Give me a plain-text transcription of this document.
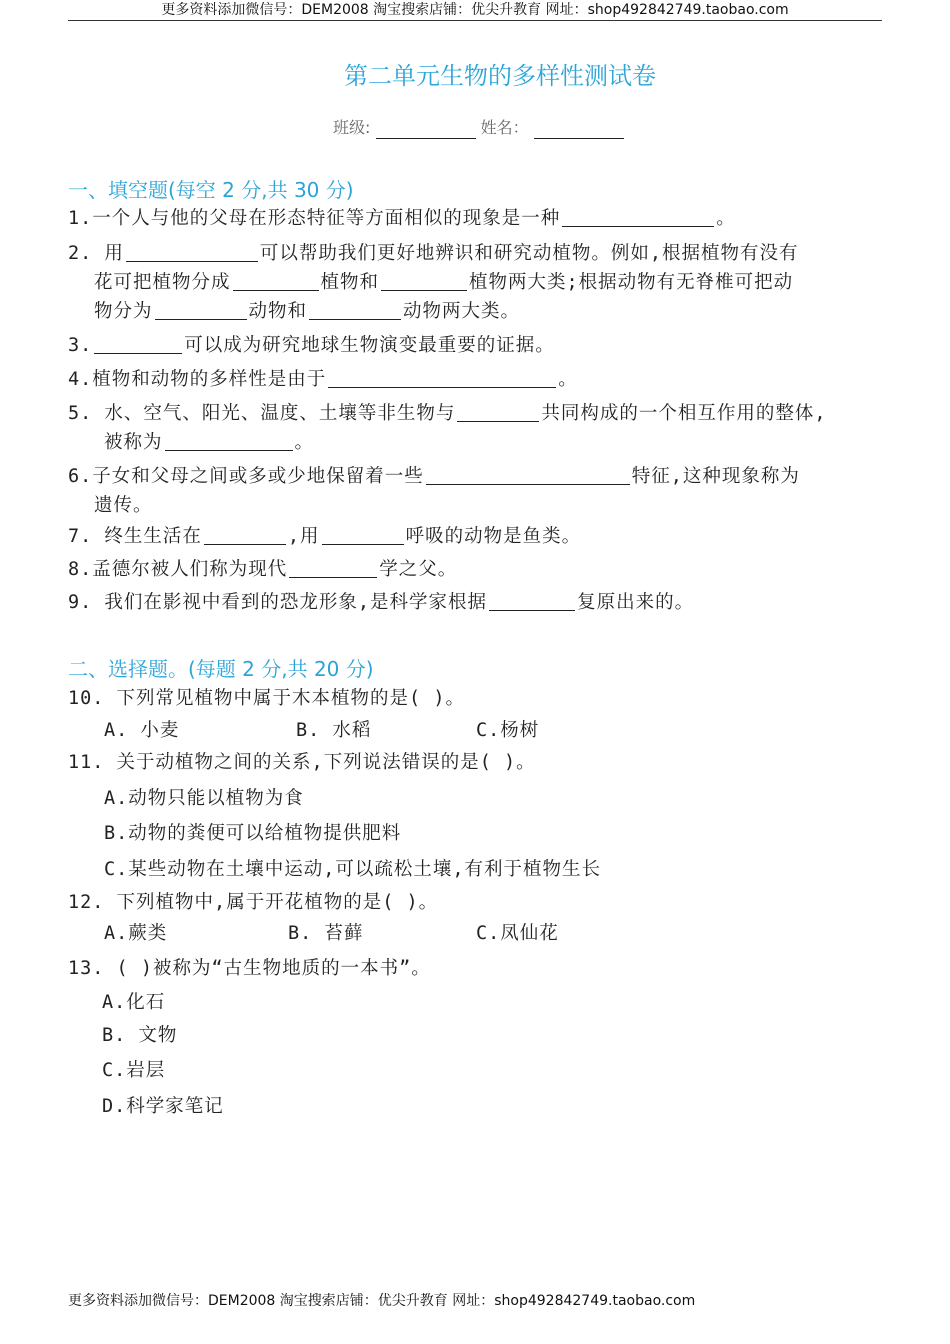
更多资料添加微信号：DEM2008 淘宝搜索店铺：优尖升教育 网址：shop492842749.taobao.com
第二单元生物的多样性测试卷
班级:	姓名：
一、填空题(每空 2 分,共 30 分)
1.一个人与他的父母在形态特征等方面相似的现象是一种	。
2. 用	可以帮助我们更好地辨识和研究动植物。例如,根据植物有没有
花可把植物分成	植物和	植物两大类;根据动物有无脊椎可把动
物分为	动物和	动物两大类。
3.	可以成为研究地球生物演变最重要的证据。
4.植物和动物的多样性是由于	。
5. 水、空气、阳光、温度、土壤等非生物与	共同构成的一个相互作用的整体,
被称为	。
6.子女和父母之间或多或少地保留着一些	特征,这种现象称为
遗传。
7. 终生生活在	,用	呼吸的动物是鱼类。
8.孟德尔被人们称为现代	学之父。
9. 我们在影视中看到的恐龙形象,是科学家根据	复原出来的。
二、选择题。(每题 2 分,共 20 分)
10. 下列常见植物中属于木本植物的是( )。
A. 小麦	B. 水稻	C.杨树
11. 关于动植物之间的关系,下列说法错误的是( )。
A.动物只能以植物为食
B.动物的粪便可以给植物提供肥料
C.某些动物在土壤中运动,可以疏松土壤,有利于植物生长
12. 下列植物中,属于开花植物的是( )。
A.蕨类	B. 苔藓	C.凤仙花
13. ( )被称为“古生物地质的一本书”。
A.化石
B. 文物
C.岩层
D.科学家笔记
更多资料添加微信号：DEM2008 淘宝搜索店铺：优尖升教育 网址：shop492842749.taobao.com
